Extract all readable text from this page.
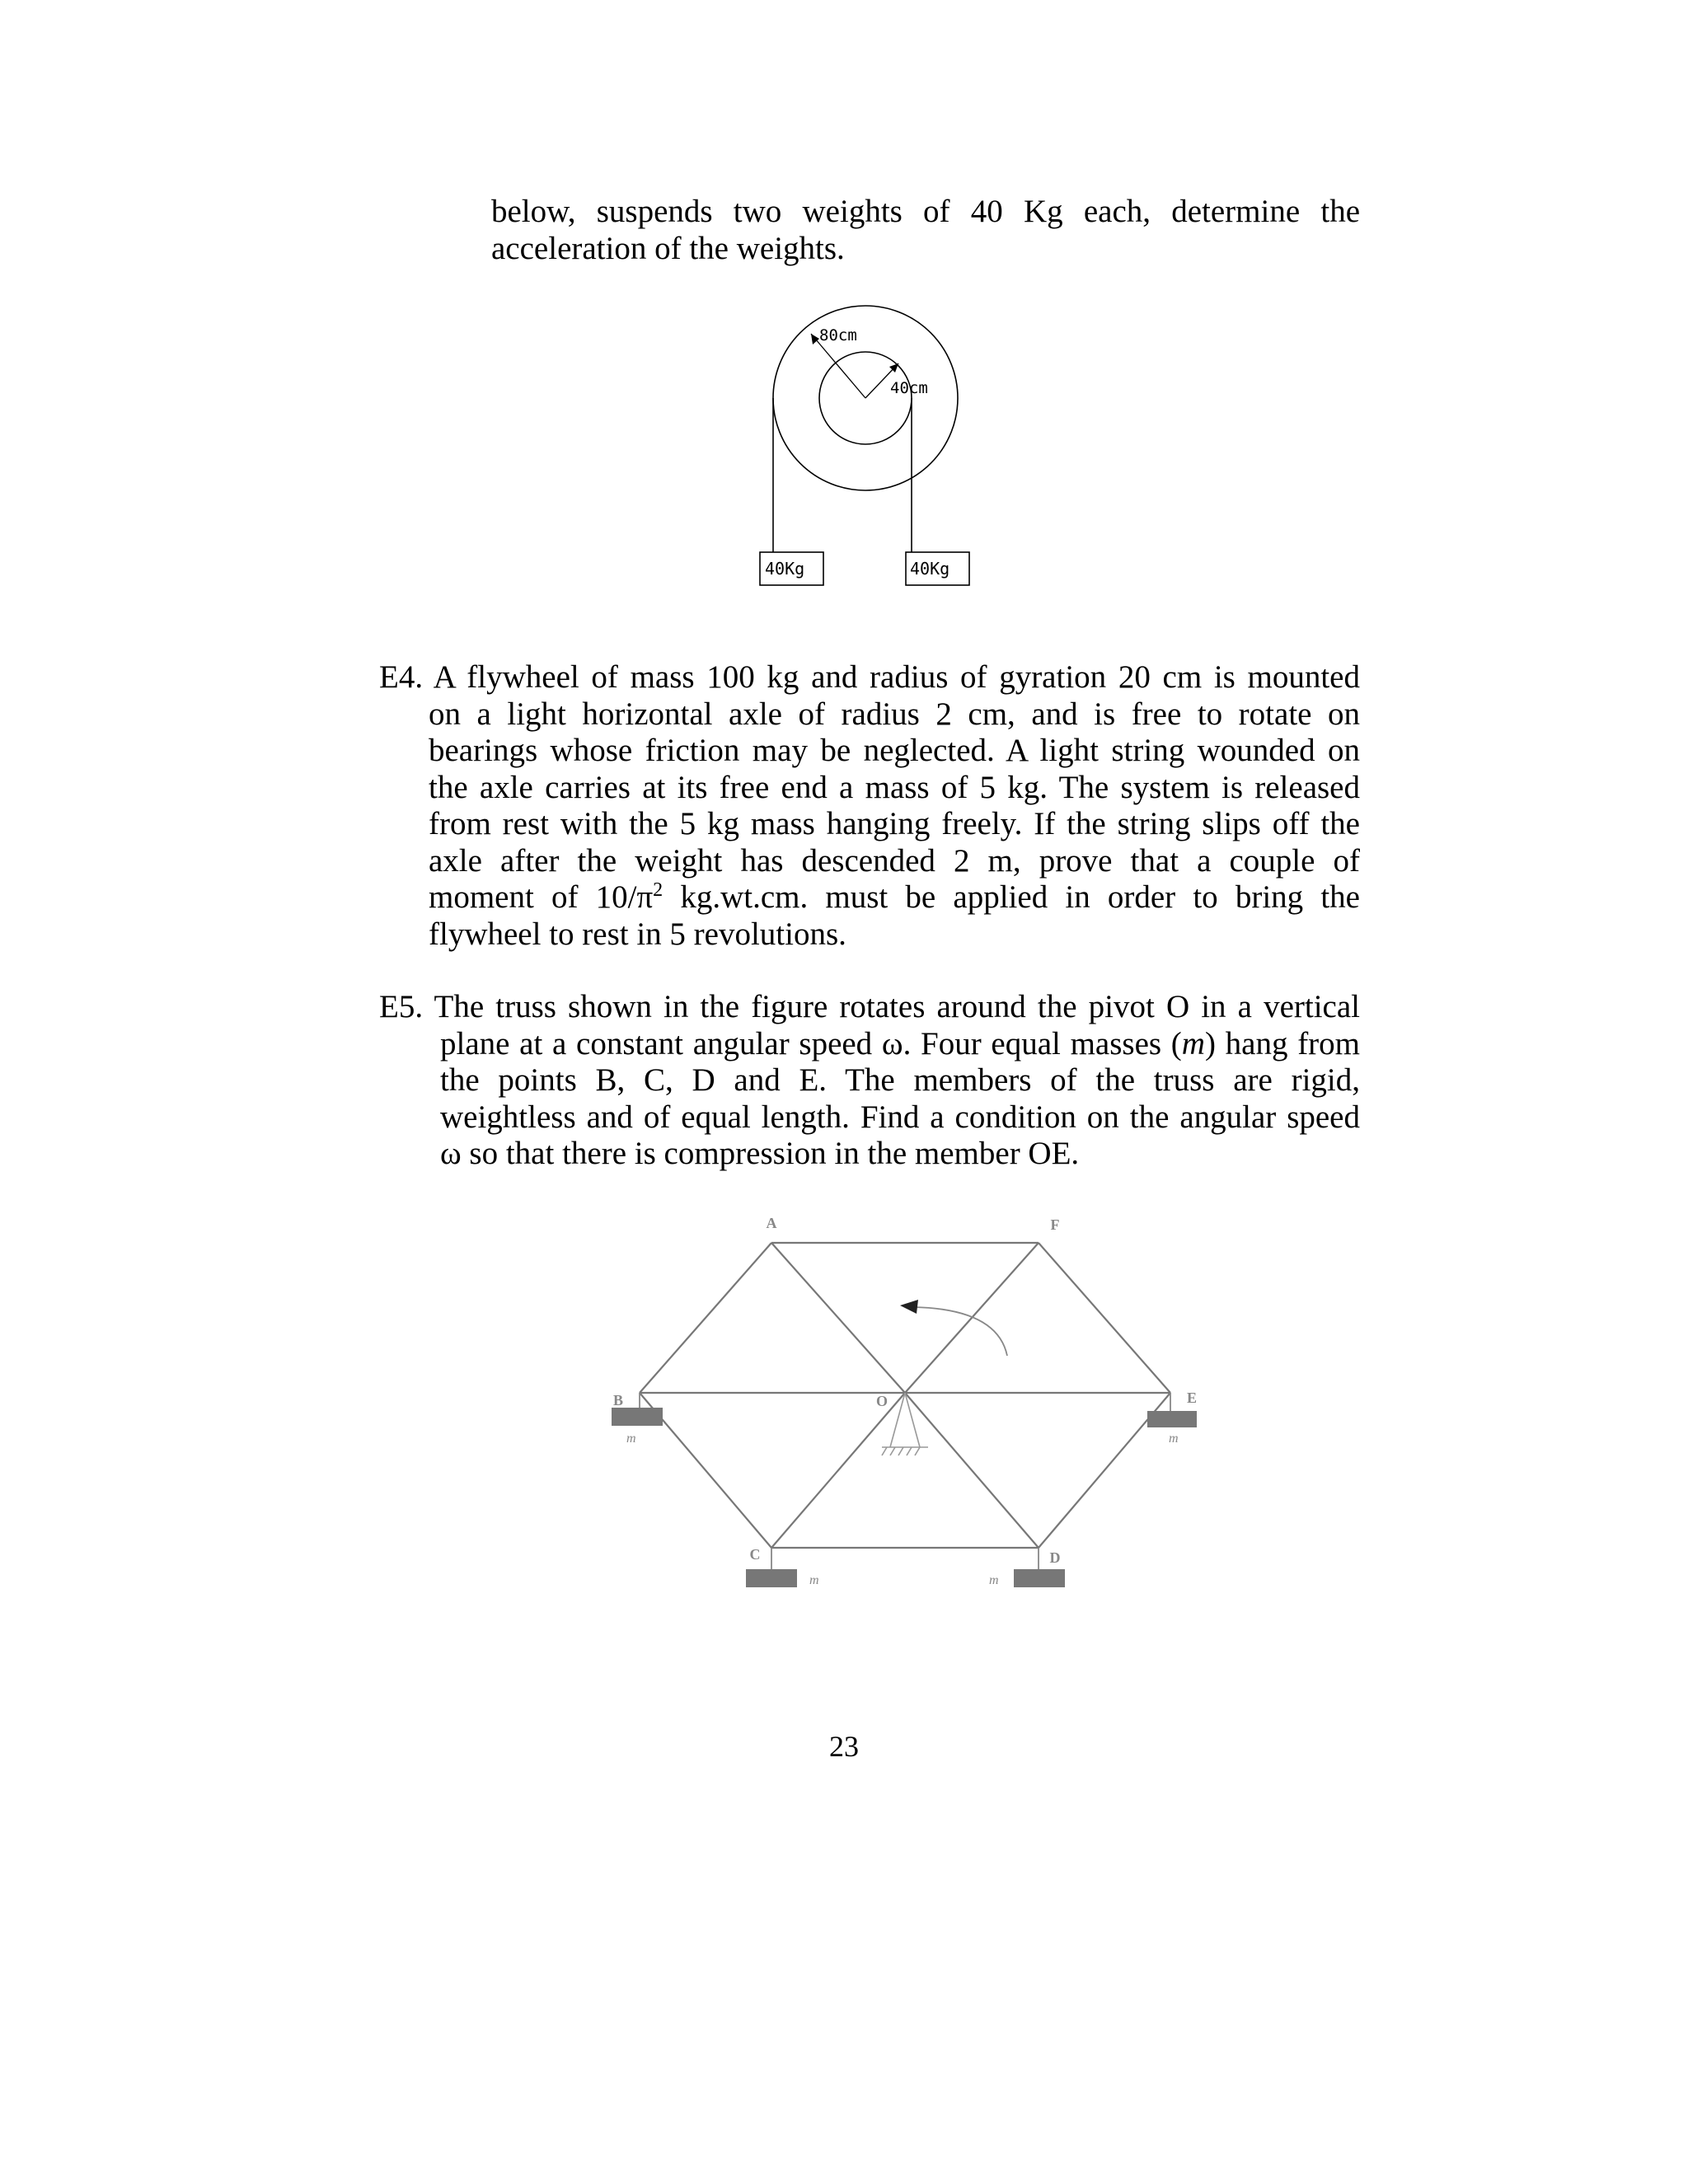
below, suspends two weights of 40 Kg each, determine the
acceleration of the weights.
80cm
40cm
40Kg	40Kg
E4. A flywheel of mass 100 kg and radius of gyration 20 cm is mounted
on a light horizontal axle of radius 2 cm, and is free to rotate on
bearings whose friction may be neglected. A light string wounded on
the axle carries at its free end a mass of 5 kg. The system is released
from rest with the 5 kg mass hanging freely. If the string slips off the
axle after the weight has descended 2 m, prove that a couple of
moment of $10/\pi^2$ kg.wt.cm. must be applied in order to bring the
flywheel to rest in 5 revolutions.
E5. The truss shown in the figure rotates around the pivot O in a vertical
plane at a constant angular speed ω. Four equal masses (m) hang from
the points B, C, D and E. The members of the truss are rigid,
weightless and of equal length. Find a condition on the angular speed
ω so that there is compression in the member OE.
A	F
B	O	E
C	D
m	m
m	m
23
